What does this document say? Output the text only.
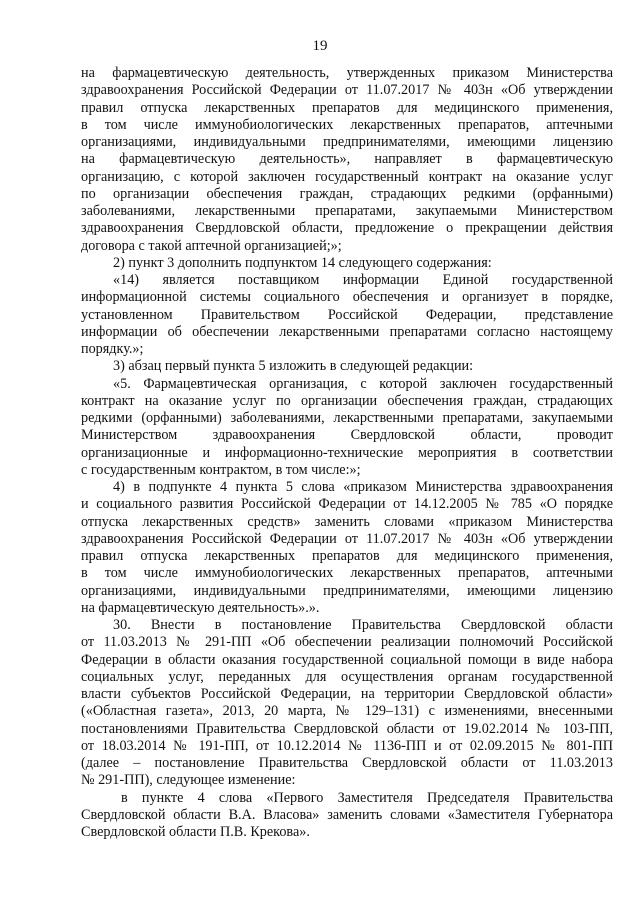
19
на фармацевтическую деятельность, утвержденных приказом Министерства
здравоохранения Российской Федерации от 11.07.2017 № 403н «Об утверждении
правил отпуска лекарственных препаратов для медицинского применения,
в том числе иммунобиологических лекарственных препаратов, аптечными
организациями, индивидуальными предпринимателями, имеющими лицензию
на фармацевтическую деятельность», направляет в фармацевтическую
организацию, с которой заключен государственный контракт на оказание услуг
по организации обеспечения граждан, страдающих редкими (орфанными)
заболеваниями, лекарственными препаратами, закупаемыми Министерством
здравоохранения Свердловской области, предложение о прекращении действия
договора с такой аптечной организацией;»;
2) пункт 3 дополнить подпунктом 14 следующего содержания:
«14) является поставщиком информации Единой государственной
информационной системы социального обеспечения и организует в порядке,
установленном Правительством Российской Федерации, представление
информации об обеспечении лекарственными препаратами согласно настоящему
порядку.»;
3) абзац первый пункта 5 изложить в следующей редакции:
«5. Фармацевтическая организация, с которой заключен государственный
контракт на оказание услуг по организации обеспечения граждан, страдающих
редкими (орфанными) заболеваниями, лекарственными препаратами, закупаемыми
Министерством здравоохранения Свердловской области, проводит
организационные и информационно-технические мероприятия в соответствии
с государственным контрактом, в том числе:»;
4) в подпункте 4 пункта 5 слова «приказом Министерства здравоохранения
и социального развития Российской Федерации от 14.12.2005 № 785 «О порядке
отпуска лекарственных средств» заменить словами «приказом Министерства
здравоохранения Российской Федерации от 11.07.2017 № 403н «Об утверждении
правил отпуска лекарственных препаратов для медицинского применения,
в том числе иммунобиологических лекарственных препаратов, аптечными
организациями, индивидуальными предпринимателями, имеющими лицензию
на фармацевтическую деятельность».».
30. Внести в постановление Правительства Свердловской области
от 11.03.2013 № 291-ПП «Об обеспечении реализации полномочий Российской
Федерации в области оказания государственной социальной помощи в виде набора
социальных услуг, переданных для осуществления органам государственной
власти субъектов Российской Федерации, на территории Свердловской области»
(«Областная газета», 2013, 20 марта, № 129–131) с изменениями, внесенными
постановлениями Правительства Свердловской области от 19.02.2014 № 103-ПП,
от 18.03.2014 № 191-ПП, от 10.12.2014 № 1136-ПП и от 02.09.2015 № 801-ПП
(далее – постановление Правительства Свердловской области от 11.03.2013
№ 291-ПП), следующее изменение:
в пункте 4 слова «Первого Заместителя Председателя Правительства
Свердловской области В.А. Власова» заменить словами «Заместителя Губернатора
Свердловской области П.В. Крекова».
